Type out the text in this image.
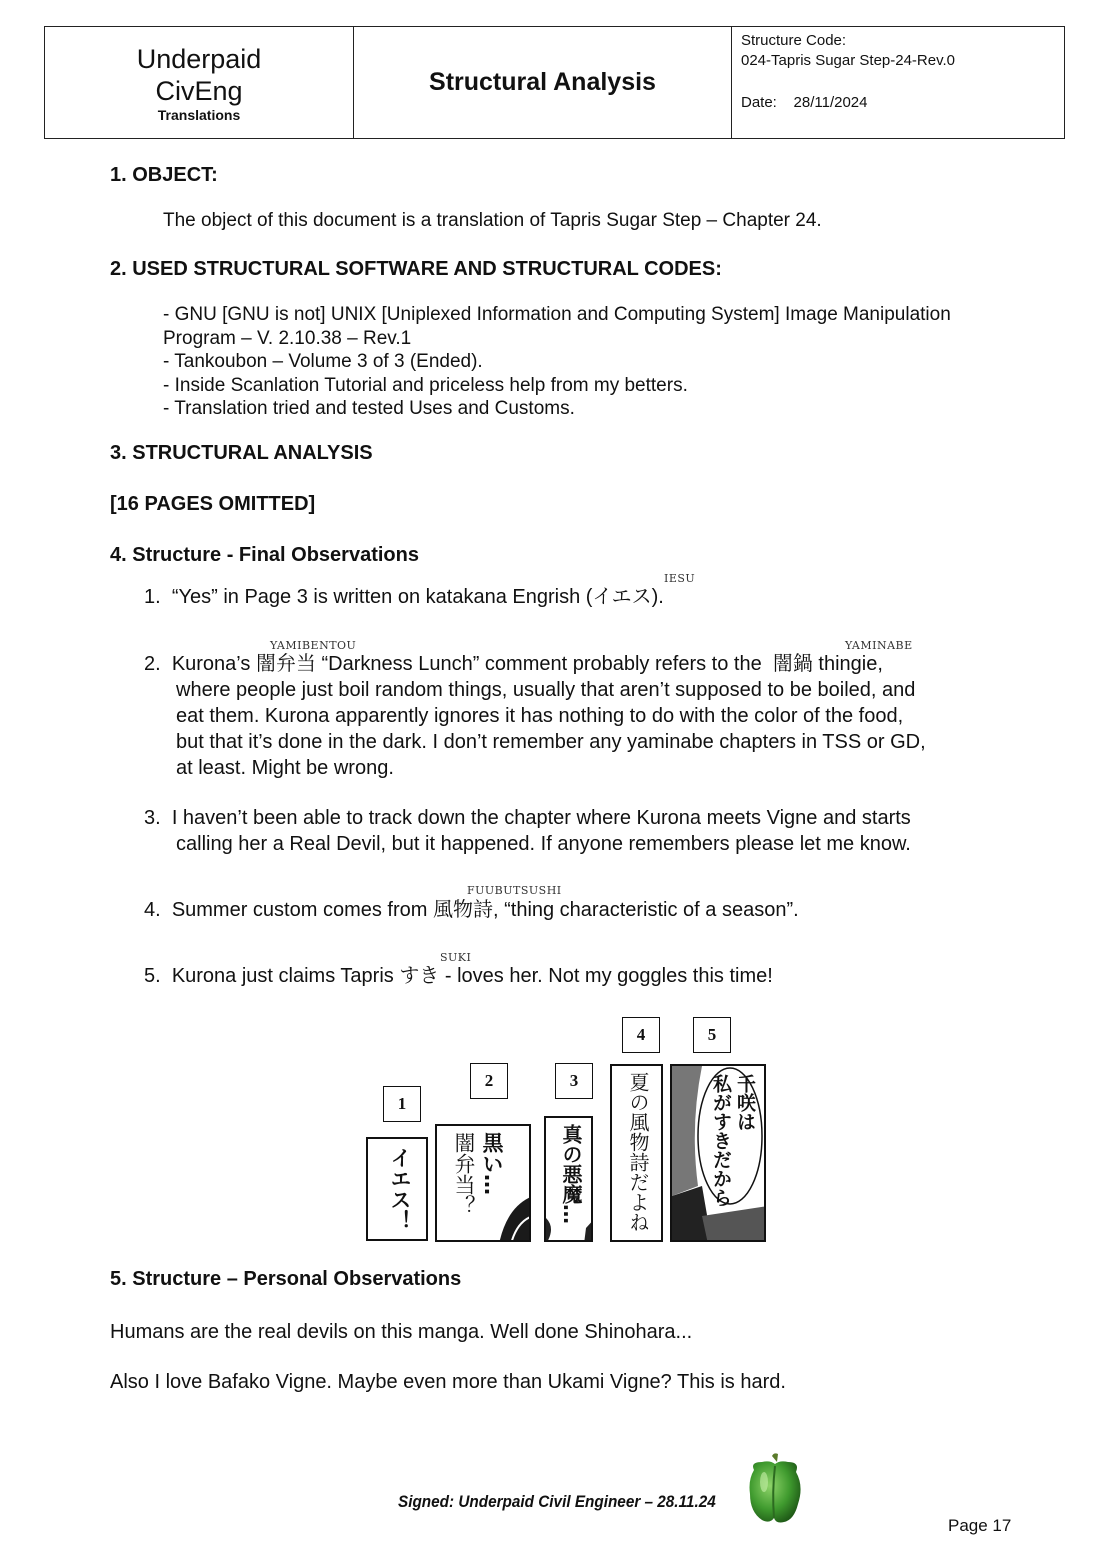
Underpaid
CivEng
Translations
Structural Analysis
Structure Code:
024-Tapris Sugar Step-24-Rev.0
Date: 28/11/2024
1. OBJECT:
The object of this document is a translation of Tapris Sugar Step – Chapter 24.
2. USED STRUCTURAL SOFTWARE AND STRUCTURAL CODES:
- GNU [GNU is not] UNIX [Uniplexed Information and Computing System] Image Manipulation
Program – V. 2.10.38 – Rev.1
- Tankoubon – Volume 3 of 3 (Ended).
- Inside Scanlation Tutorial and priceless help from my betters.
- Translation tried and tested Uses and Customs.
3. STRUCTURAL ANALYSIS
[16 PAGES OMITTED]
4. Structure - Final Observations
IESU
1. “Yes” in Page 3 is written on katakana Engrish (イエス).
YAMIBENTOU	YAMINABE
2. Kurona’s 闇弁当 “Darkness Lunch” comment probably refers to the  闇鍋 thingie,
where people just boil random things, usually that aren’t supposed to be boiled, and
eat them. Kurona apparently ignores it has nothing to do with the color of the food,
but that it’s done in the dark. I don’t remember any yaminabe chapters in TSS or GD,
at least. Might be wrong.
3. I haven’t been able to track down the chapter where Kurona meets Vigne and starts
calling her a Real Devil, but it happened. If anyone remembers please let me know.
FUUBUTSUSHI
4. Summer custom comes from 風物詩, “thing characteristic of a season”.
SUKI
5. Kurona just claims Tapris すき - loves her. Not my goggles this time!
1
2	3
4	5
イエス！	黒い…
闇弁当？	真の悪魔… 夏の風物詩だよね	千咲は
私がすきだから
5. Structure – Personal Observations
Humans are the real devils on this manga. Well done Shinohara...
Also I love Bafako Vigne. Maybe even more than Ukami Vigne? This is hard.
Signed: Underpaid Civil Engineer – 28.11.24
Page 17
